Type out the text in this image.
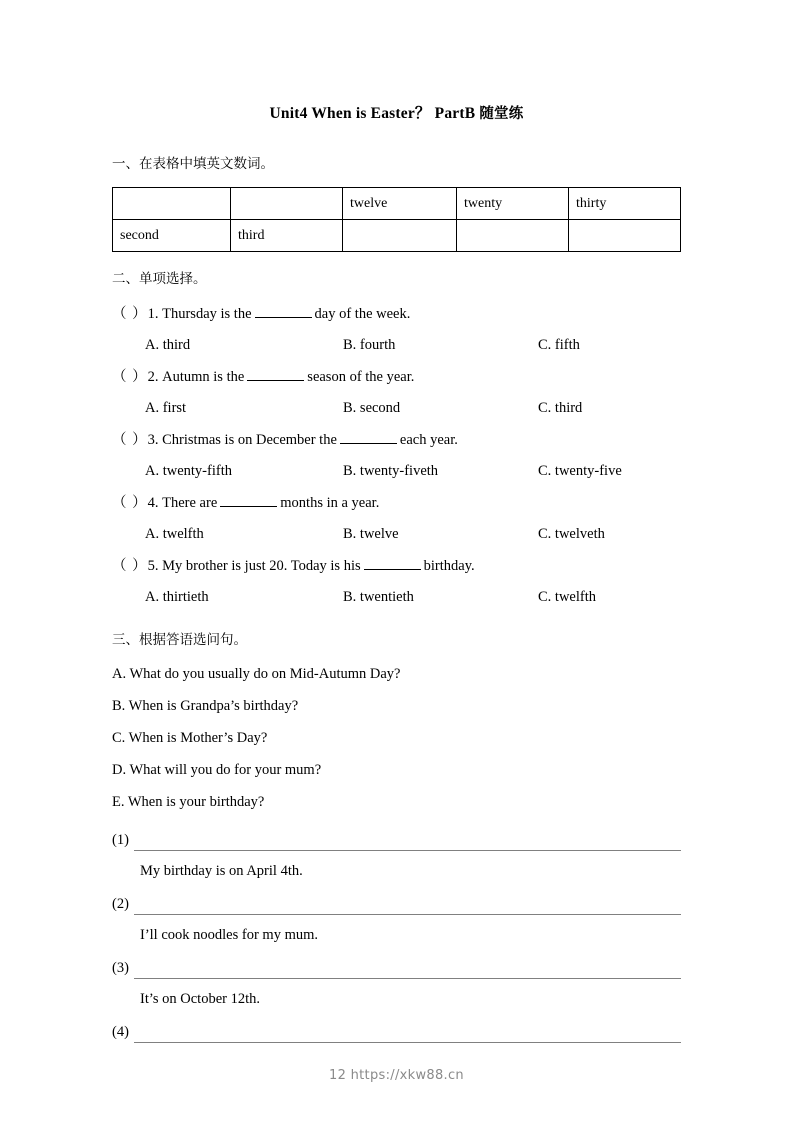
Unit4 When is Easter？ PartB 随堂练
一、在表格中填英文数词。
		twelve	twenty	thirty
second	third			
二、单项选择。
（ ）1. Thursday is the	day of the week.
A. third	B. fourth	C. fifth
（ ）2. Autumn is the	season of the year.
A. first	B. second	C. third
（ ）3. Christmas is on December the	each year.
A. twenty-fifth	B. twenty-fiveth	C. twenty-five
（ ）4. There are	months in a year.
A. twelfth	B. twelve	C. twelveth
（ ）5. My brother is just 20. Today is his	birthday.
A. thirtieth	B. twentieth	C. twelfth
三、根据答语选问句。
A. What do you usually do on Mid-Autumn Day?
B. When is Grandpa’s birthday?
C. When is Mother’s Day?
D. What will you do for your mum?
E. When is your birthday?
(1)
My birthday is on April 4th.
(2)
I’ll cook noodles for my mum.
(3)
It’s on October 12th.
(4)
12 https://xkw88.cn
